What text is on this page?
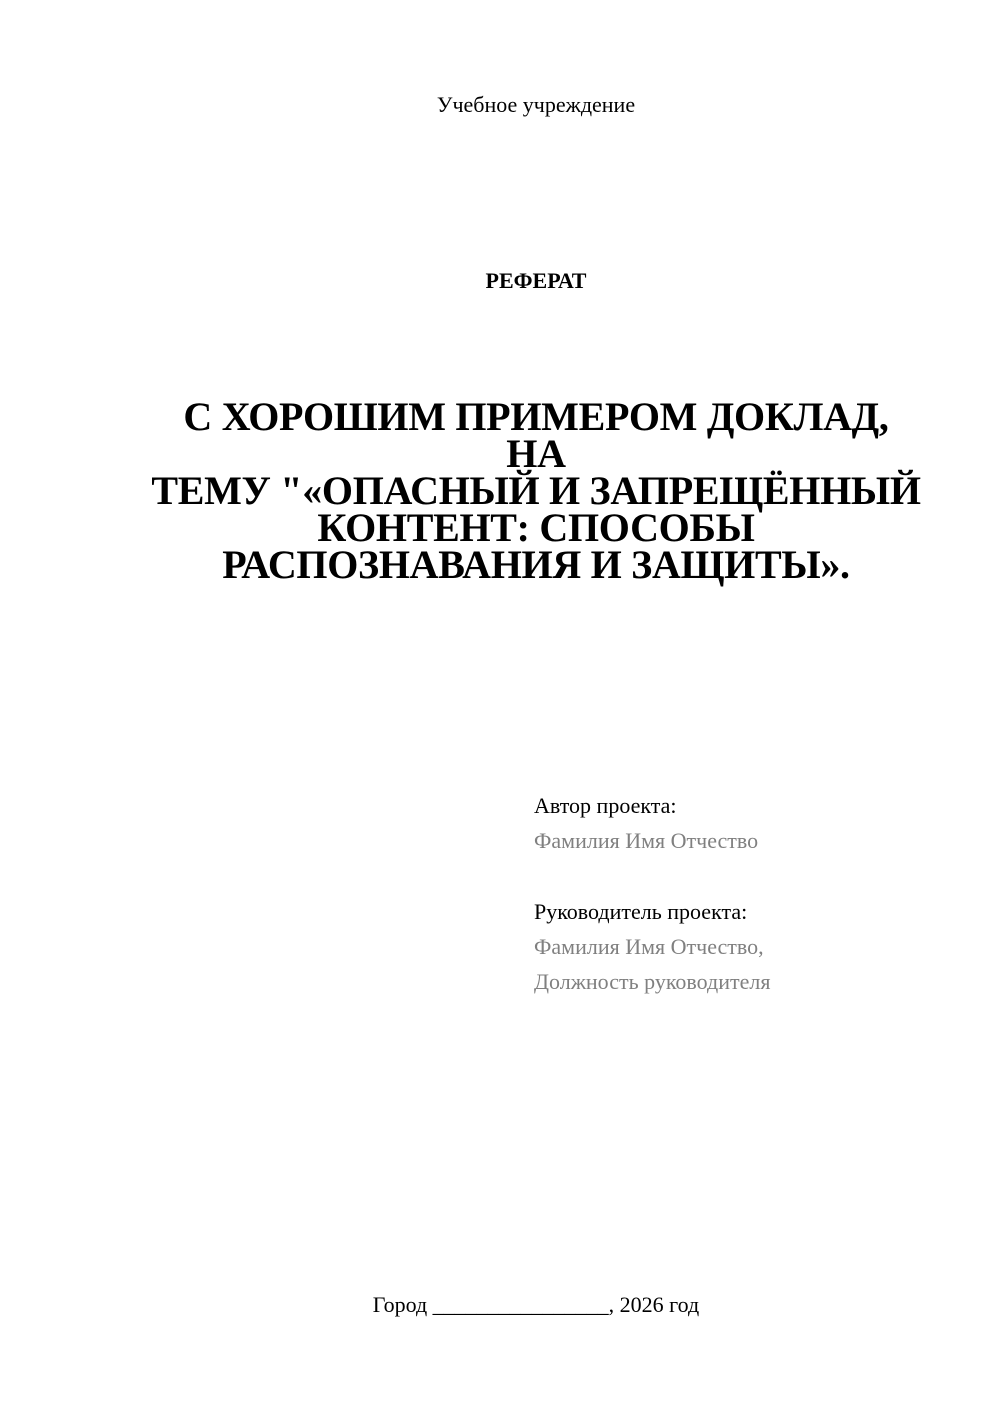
Учебное учреждение
РЕФЕРАТ
С ХОРОШИМ ПРИМЕРОМ ДОКЛАД, НА
ТЕМУ "«ОПАСНЫЙ И ЗАПРЕЩЁННЫЙ
КОНТЕНТ: СПОСОБЫ
РАСПОЗНАВАНИЯ И ЗАЩИТЫ».
Автор проекта:
Фамилия Имя Отчество
Руководитель проекта:
Фамилия Имя Отчество,
Должность руководителя
Город ________________, 2026 год
